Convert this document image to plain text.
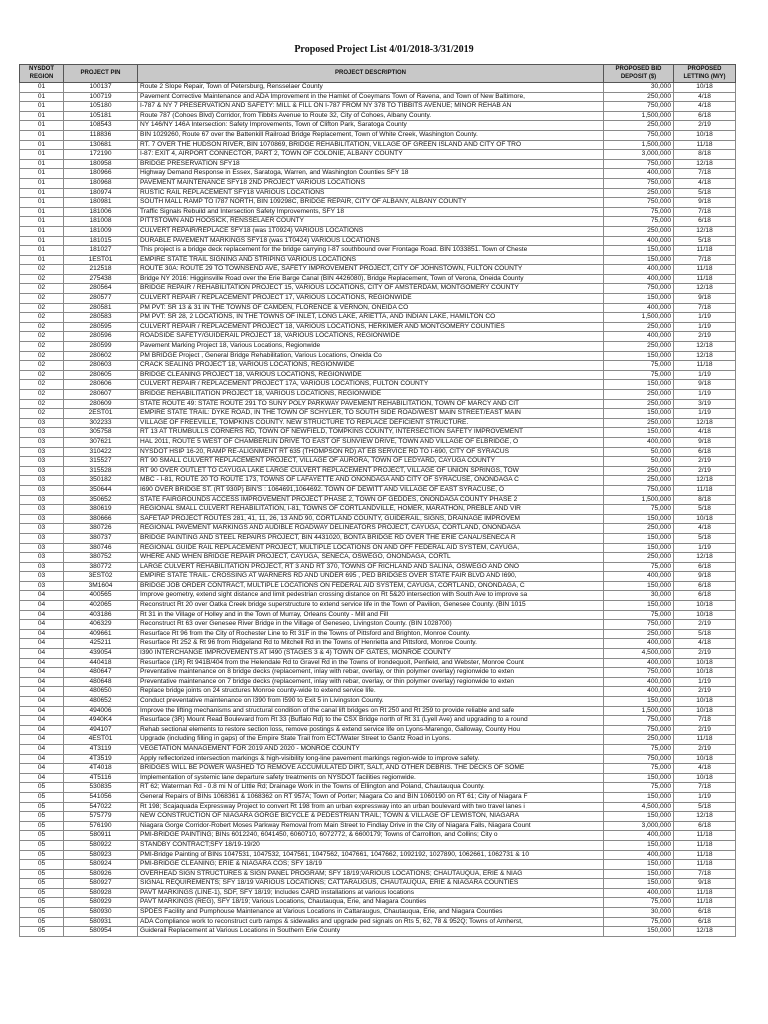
Proposed Project List 4/01/2018-3/31/2019
NYSDOT REGION	PROJECT PIN	PROJECT DESCRIPTION	PROPOSED BID DEPOSIT ($)	PROPOSED LETTING (M/Y)
01	100137	Route 2 Slope Repair, Town of Petersburg, Rensselaer County	30,000	10/18
01	100719	Pavement Corrective Maintenance and ADA Improvement in the Hamlet of Coeymans Town of Ravena, and Town of New Baltimore,	250,000	4/18
01	105180	I-787 & NY 7 PRESERVATION AND SAFETY: MILL & FILL ON I-787 FROM NY 378 TO TIBBITS AVENUE; MINOR REHAB AN	750,000	4/18
01	105181	Route 787 (Cohoes Blvd) Corridor, from Tibbits Avenue to Route 32, City of Cohoes, Albany County.	1,500,000	6/18
01	108543	NY 146/NY 146A Intersection: Safety Improvements, Town of Clifton Park, Saratoga County	250,000	2/19
01	118836	BIN 1029260, Route 67 over the Battenkill Railroad Bridge Replacement, Town of White Creek, Washington County.	750,000	10/18
01	130681	RT. 7 OVER THE HUDSON RIVER, BIN 1070869, BRIDGE REHABILITATION, VILLAGE OF GREEN ISLAND AND CITY OF TRO	1,500,000	11/18
01	172190	I-87: EXIT 4, AIRPORT CONNECTOR, PART 2, TOWN OF COLONIE, ALBANY COUNTY	3,000,000	8/18
01	180958	BRIDGE PRESERVATION SFY18	750,000	12/18
01	180966	Highway Demand Response in Essex, Saratoga, Warren, and Washington Counties SFY 18	400,000	7/18
01	180968	PAVEMENT MAINTENANCE SFY18 2ND PROJECT VARIOUS LOCATIONS	750,000	4/18
01	180974	RUSTIC RAIL REPLACEMENT SFY18 VARIOUS LOCATIONS	250,000	5/18
01	180981	SOUTH MALL RAMP TO I787 NORTH, BIN 109298C, BRIDGE REPAIR, CITY OF ALBANY, ALBANY COUNTY	750,000	9/18
01	181006	Traffic Signals Rebuild and Intersection Safety Improvements, SFY 18	75,000	7/18
01	181008	PITTSTOWN AND HOOSICK, RENSSELAER COUNTY	75,000	6/18
01	181009	CULVERT REPAIR/REPLACE SFY18 (was 1T0924) VARIOUS LOCATIONS	250,000	12/18
01	181015	DURABLE PAVEMENT MARKINGS SFY18 (was 1T0424) VARIOUS LOCATIONS	400,000	5/18
01	181027	This project is a bridge deck replacement for the bridge carrying I-87 southbound over Frontage Road. BIN 1033851. Town of Cheste	150,000	11/18
01	1EST01	EMPIRE STATE TRAIL SIGNING AND STRIPING VARIOUS LOCATIONS	150,000	7/18
02	212518	ROUTE 30A: ROUTE 29 TO TOWNSEND AVE, SAFETY IMPROVEMENT PROJECT, CITY OF JOHNSTOWN, FULTON COUNTY	400,000	11/18
02	275438	Bridge NY 2016: Higginsville Road over the Erie Barge Canal (BIN 4426080), Bridge Replacement, Town of Verona, Oneida County	400,000	11/18
02	280564	BRIDGE REPAIR / REHABILITATION PROJECT 15, VARIOUS LOCATIONS, CITY OF AMSTERDAM, MONTGOMERY COUNTY	750,000	12/18
02	280577	CULVERT REPAIR / REPLACEMENT PROJECT 17, VARIOUS LOCATIONS, REGIONWIDE	150,000	9/18
02	280581	PM PVT: SR 13 & 31 IN THE TOWNS OF CAMDEN, FLORENCE & VERNON, ONEIDA CO	400,000	7/18
02	280583	PM PVT: SR 28, 2 LOCATIONS, IN THE TOWNS OF INLET, LONG LAKE, ARIETTA, AND INDIAN LAKE, HAMILTON CO	1,500,000	1/19
02	280595	CULVERT REPAIR / REPLACEMENT PROJECT 18, VARIOUS LOCATIONS, HERKIMER AND MONTGOMERY COUNTIES	250,000	1/19
02	280596	ROADSIDE SAFETY/GUIDERAIL PROJECT 18, VARIOUS LOCATIONS, REGIONWIDE	400,000	2/19
02	280599	Pavement Marking Project 18, Various Locations, Regionwide	250,000	12/18
02	280602	PM BRIDGE Project , General Bridge Rehabilitation, Various Locations, Oneida Co	150,000	12/18
02	280603	CRACK SEALING PROJECT 18, VARIOUS LOCATIONS, REGIONWIDE	75,000	11/18
02	280605	BRIDGE CLEANING PROJECT 18, VARIOUS LOCATIONS, REGIONWIDE	75,000	1/19
02	280606	CULVERT REPAIR / REPLACEMENT PROJECT 17A, VARIOUS LOCATIONS, FULTON COUNTY	150,000	9/18
02	280607	BRIDGE REHABILITATION PROJECT 18, VARIOUS LOCATIONS, REGIONWIDE	250,000	1/19
02	280609	STATE ROUTE 49: STATE ROUTE 291 TO SUNY POLY PARKWAY PAVEMENT REHABILITATION, TOWN OF MARCY AND CIT	250,000	3/19
02	2EST01	EMPIRE STATE TRAIL: DYKE ROAD, IN THE TOWN OF SCHYLER, TO SOUTH SIDE ROAD/WEST MAIN STREET/EAST MAIN	150,000	1/19
03	302233	VILLAGE OF FREEVILLE, TOMPKINS COUNTY. NEW STRUCTURE TO REPLACE DEFICIENT STRUCTURE.	250,000	12/18
03	305758	RT 13 AT TRUMBULLS CORNERS RD, TOWN OF NEWFIELD, TOMPKINS COUNTY, INTERSECTION SAFETY IMPROVEMENT	150,000	4/18
03	307621	HAL 2011, ROUTE 5 WEST OF CHAMBERLIN DRIVE TO EAST OF SUNVIEW DRIVE, TOWN AND VILLAGE OF ELBRIDGE, O	400,000	9/18
03	310422	NYSDOT HSIP 16-20, RAMP RE-ALIGNMENT RT 635 (THOMPSON RD) AT EB SERVICE RD TO I-690, CITY OF SYRACUS	50,000	6/18
03	315527	RT 90 SMALL CULVERT REPLACEMENT PROJECT, VILLAGE OF AURORA, TOWN OF LEDYARD, CAYUGA COUNTY	50,000	2/19
03	315528	RT 90 OVER OUTLET TO CAYUGA LAKE LARGE CULVERT REPLACEMENT PROJECT, VILLAGE OF UNION SPRINGS, TOW	250,000	2/19
03	350182	MBC - I-81, ROUTE 20 TO ROUTE 173, TOWNS OF LAFAYETTE AND ONONDAGA AND CITY OF SYRACUSE, ONONDAGA C	250,000	12/18
03	350644	I690 OVER BRIDGE ST. (RT 930P) BIN'S : 1064691,1064692. TOWN OF DEWITT AND VILLAGE OF EAST SYRACUSE, O	750,000	11/18
03	350652	STATE FAIRGROUNDS ACCESS IMPROVEMENT PROJECT PHASE 2, TOWN OF GEDDES, ONONDAGA COUNTY PHASE 2	1,500,000	8/18
03	380619	REGIONAL SMALL CULVERT REHABILITATION, I-81, TOWNS OF CORTLANDVILLE, HOMER, MARATHON, PREBLE AND VIR	75,000	5/18
03	380666	SAFETAP PROJECT ROUTES 281, 41, 11, 26, 13 AND 90, CORTLAND COUNTY, GUIDERAIL, SIGNS, DRAINAGE IMPROVEM	150,000	10/18
03	380726	REGIONAL PAVEMENT MARKINGS AND AUDIBLE ROADWAY DELINEATORS PROJECT, CAYUGA, CORTLAND, ONONDAGA	250,000	4/18
03	380737	BRIDGE PAINTING AND STEEL REPAIRS PROJECT, BIN 4431020, BONTA BRIDGE RD OVER THE ERIE CANAL/SENECA R	150,000	5/18
03	380746	REGIONAL GUIDE RAIL REPLACEMENT PROJECT, MULTIPLE LOCATIONS ON AND OFF FEDERAL AID SYSTEM, CAYUGA,	150,000	1/19
03	380752	WHERE AND WHEN BRIDGE REPAIR PROJECT, CAYUGA, SENECA, OSWEGO, ONONDAGA, CORTL	250,000	12/18
03	380772	LARGE CULVERT REHABILITATION PROJECT, RT 3 AND RT 370, TOWNS OF RICHLAND AND SALINA, OSWEGO AND ONO	75,000	6/18
03	3EST02	EMPIRE STATE TRAIL- CROSSING AT WARNERS RD AND UNDER 695 , PED BRIDGES OVER STATE FAIR BLVD AND I690,	400,000	9/18
03	3M1604	BRIDGE JOB ORDER CONTRACT, MULTIPLE LOCATIONS ON FEDERAL AID SYSTEM, CAYUGA, CORTLAND, ONONDAGA, C	150,000	6/18
04	400565	Improve geometry, extend sight distance and limit pedestrian crossing distance on Rt 5&20 intersection with South Ave to improve sa	30,000	6/18
04	402065	Reconstruct Rt 20 over Oatka Creek bridge superstructure to extend service life in the Town of Pavilion, Genesee County. (BIN 1015	150,000	10/18
04	403186	Rt 31 in the Village of Holley and in the Town of Murray, Orleans County - Mill and Fill	75,000	10/18
04	406329	Reconstruct Rt 63 over Genesee River Bridge in the Village of Geneseo, Livingston County. (BIN 1028700)	750,000	2/19
04	409661	Resurface Rt 96 from the City of Rochester Line to Rt 31F in the Towns of Pittsford and Brighton, Monroe County.	250,000	5/18
04	425211	Resurface Rt 252 & Rt 96 from Ridgeland Rd to Mitchell Rd in the Towns of Henrietta and Pittsford, Monroe County.	400,000	4/18
04	439054	I390 INTERCHANGE IMPROVEMENTS AT I490 (STAGES 3 & 4) TOWN OF GATES, MONROE COUNTY	4,500,000	2/19
04	440418	Resurface (1R) Rt 941B/404 from the Helendale Rd to Gravel Rd in the Towns of Irondequoit, Penfield, and Webster, Monroe Count	400,000	10/18
04	480647	Preventative maintenance on 8 bridge decks (replacement, inlay with rebar, overlay, or thin polymer overlay) regionwide to exten	750,000	10/18
04	480648	Preventative maintenance on 7 bridge decks (replacement, inlay with rebar, overlay, or thin polymer overlay) regionwide to exten	400,000	1/19
04	480650	Replace bridge joints on 24 structures Monroe county-wide to extend service life.	400,000	2/19
04	480652	Conduct preventative maintenance on I390 from I590 to Exit 5 in Livingston County.	150,000	10/18
04	494006	Improve the lifting mechanisms and structural condition of the canal lift bridges on Rt 250 and Rt 259 to provide reliable and safe	1,500,000	10/18
04	4940K4	Resurface (3R) Mount Read Boulevard from Rt 33 (Buffalo Rd) to the CSX Bridge north of Rt 31 (Lyell Ave) and upgrading to a round	750,000	7/18
04	494107	Rehab sectional elements to restore section loss, remove postings & extend service life on Lyons-Marengo, Galloway, County Hou	750,000	2/19
04	4EST01	Upgrade (including filling in gaps) of the Empire State Trail from ECT/Water Street to Gantz Road in Lyons.	250,000	11/18
04	4T3119	VEGETATION MANAGEMENT FOR 2019 AND 2020 - MONROE COUNTY	75,000	2/19
04	4T3519	Apply reflectorized intersection markings & high-visibility long-line pavement markings region-wide to improve safety.	750,000	10/18
04	4T4018	BRIDGES WILL BE POWER WASHED TO REMOVE ACCUMULATED DIRT, SALT, AND OTHER DEBRIS. THE DECKS OF SOME	75,000	4/18
04	4T5116	Implementation of systemic lane departure safety treatments on NYSDOT facilities regionwide.	150,000	10/18
05	530835	RT 62; Waterman Rd - 0.8 mi N of Little Rd; Drainage Work in the Towns of Ellington and Poland, Chautauqua County.	75,000	7/18
05	541056	General Repairs of BINs 1068361 & 1068362 on RT 957A; Town of Porter; Niagara Co and BIN 1060190 on RT 61; City of Niagara F	150,000	1/19
05	547022	Rt 198; Scajaquada Expressway Project to convert Rt 198 from an urban expressway into an urban boulevard with two travel lanes i	4,500,000	5/18
05	575779	NEW CONSTRUCTION OF NIAGARA GORGE BICYCLE & PEDESTRIAN TRAIL; TOWN & VILLAGE OF LEWISTON, NIAGARA	150,000	12/18
05	576190	Niagara Gorge Corridor-Robert Moses Parkway Removal from Main Street to Findlay Drive in the City of Niagara Falls, Niagara Count	3,000,000	6/18
05	580911	PMI-BRIDGE PAINTING; BINs 6012240, 6041450, 6060710, 6072772, & 6600179; Towns of Carrollton, and Collins; City o	400,000	11/18
05	580922	STANDBY CONTRACT;SFY 18/19-19/20	150,000	11/18
05	580923	PMI-Bridge Painting of BINs 1047531, 1047532, 1047561, 1047562, 1047661, 1047662, 1092192, 1027890, 1062661, 1062731 & 10	400,000	11/18
05	580924	PMI-BRIDGE CLEANING; ERIE & NIAGARA COS; SFY 18/19	150,000	11/18
05	580926	OVERHEAD SIGN STRUCTURES & SIGN PANEL PROGRAM; SFY 18/19;VARIOUS LOCATIONS; CHAUTAUQUA, ERIE & NIAG	150,000	7/18
05	580927	SIGNAL REQUIREMENTS; SFY 18/19 VARIOUS LOCATIONS; CATTARAUGUS, CHAUTAUQUA, ERIE & NIAGARA COUNTIES	150,000	9/18
05	580928	PAVT MARKINGS (LINE-1), SDF, SFY 18/19; Includes CARD installations at various locations	400,000	11/18
05	580929	PAVT MARKINGS (REG), SFY 18/19; Various Locations, Chautauqua, Erie, and Niagara Counties	75,000	11/18
05	580930	SPDES Facility and Pumphouse Maintenance at Various Locations in Cattaraugus, Chautauqua, Erie, and Niagara Counties	30,000	6/18
05	580931	ADA Compliance work to reconstruct curb ramps & sidewalks and upgrade ped signals on Rts 5, 62, 78 & 952Q; Towns of Amherst,	75,000	6/18
05	580954	Guiderail Replacement at Various Locations in Southern Erie County	150,000	12/18
